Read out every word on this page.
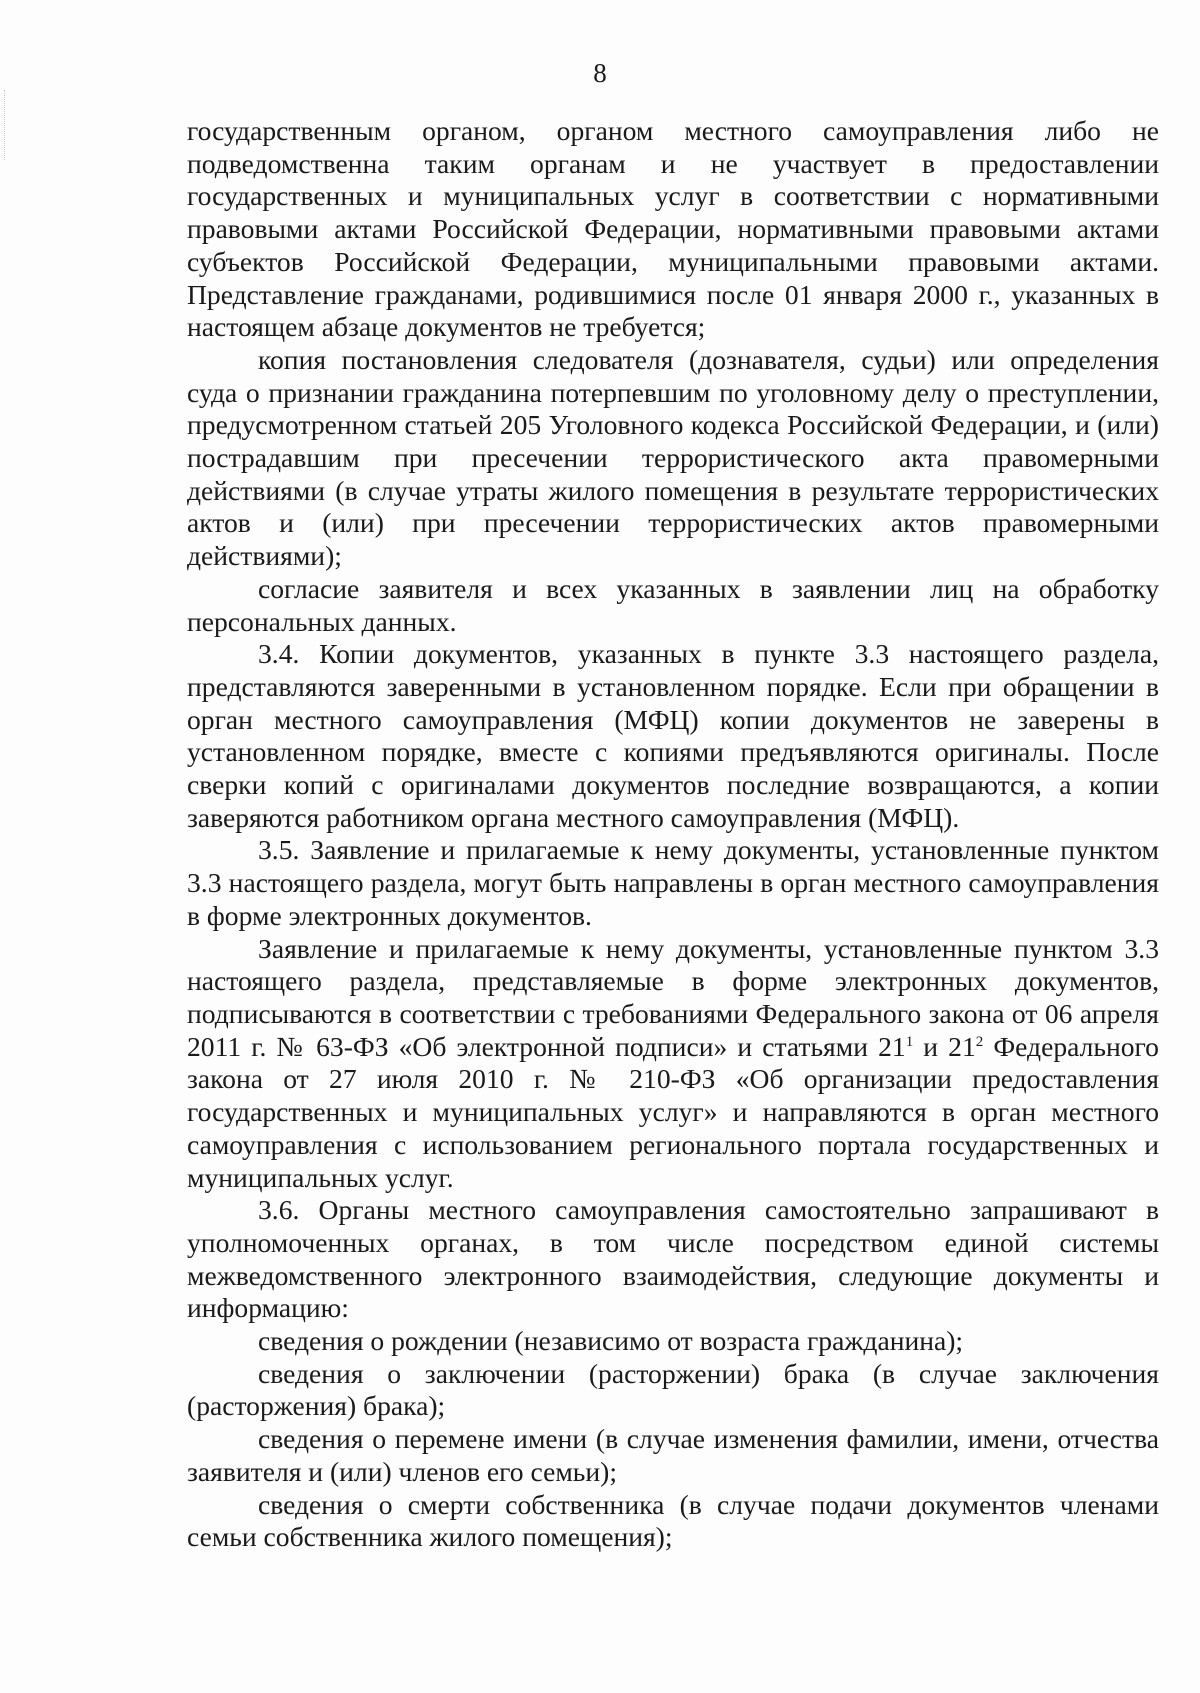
8

государственным органом, органом местного самоуправления либо не подведомственна таким органам и не участвует в предоставлении государственных и муниципальных услуг в соответствии с нормативными правовыми актами Российской Федерации, нормативными правовыми актами субъектов Российской Федерации, муниципальными правовыми актами. Представление гражданами, родившимися после 01 января 2000 г., указанных в настоящем абзаце документов не требуется;

копия постановления следователя (дознавателя, судьи) или определения суда о признании гражданина потерпевшим по уголовному делу о преступлении, предусмотренном статьей 205 Уголовного кодекса Российской Федерации, и (или) пострадавшим при пресечении террористического акта правомерными действиями (в случае утраты жилого помещения в результате террористических актов и (или) при пресечении террористических актов правомерными действиями);

согласие заявителя и всех указанных в заявлении лиц на обработку персональных данных.

3.4. Копии документов, указанных в пункте 3.3 настоящего раздела, представляются заверенными в установленном порядке. Если при обращении в орган местного самоуправления (МФЦ) копии документов не заверены в установленном порядке, вместе с копиями предъявляются оригиналы. После сверки копий с оригиналами документов последние возвращаются, а копии заверяются работником органа местного самоуправления (МФЦ).

3.5. Заявление и прилагаемые к нему документы, установленные пунктом 3.3 настоящего раздела, могут быть направлены в орган местного самоуправления в форме электронных документов.

Заявление и прилагаемые к нему документы, установленные пунктом 3.3 настоящего раздела, представляемые в форме электронных документов, подписываются в соответствии с требованиями Федерального закона от 06 апреля 2011 г. № 63-ФЗ «Об электронной подписи» и статьями $21^1$ и $21^2$ Федерального закона от 27 июля 2010 г. № 210-ФЗ «Об организации предоставления государственных и муниципальных услуг» и направляются в орган местного самоуправления с использованием регионального портала государственных и муниципальных услуг.

3.6. Органы местного самоуправления самостоятельно запрашивают в уполномоченных органах, в том числе посредством единой системы межведомственного электронного взаимодействия, следующие документы и информацию:

сведения о рождении (независимо от возраста гражданина);

сведения о заключении (расторжении) брака (в случае заключения (расторжения) брака);

сведения о перемене имени (в случае изменения фамилии, имени, отчества заявителя и (или) членов его семьи);

сведения о смерти собственника (в случае подачи документов членами семьи собственника жилого помещения);
